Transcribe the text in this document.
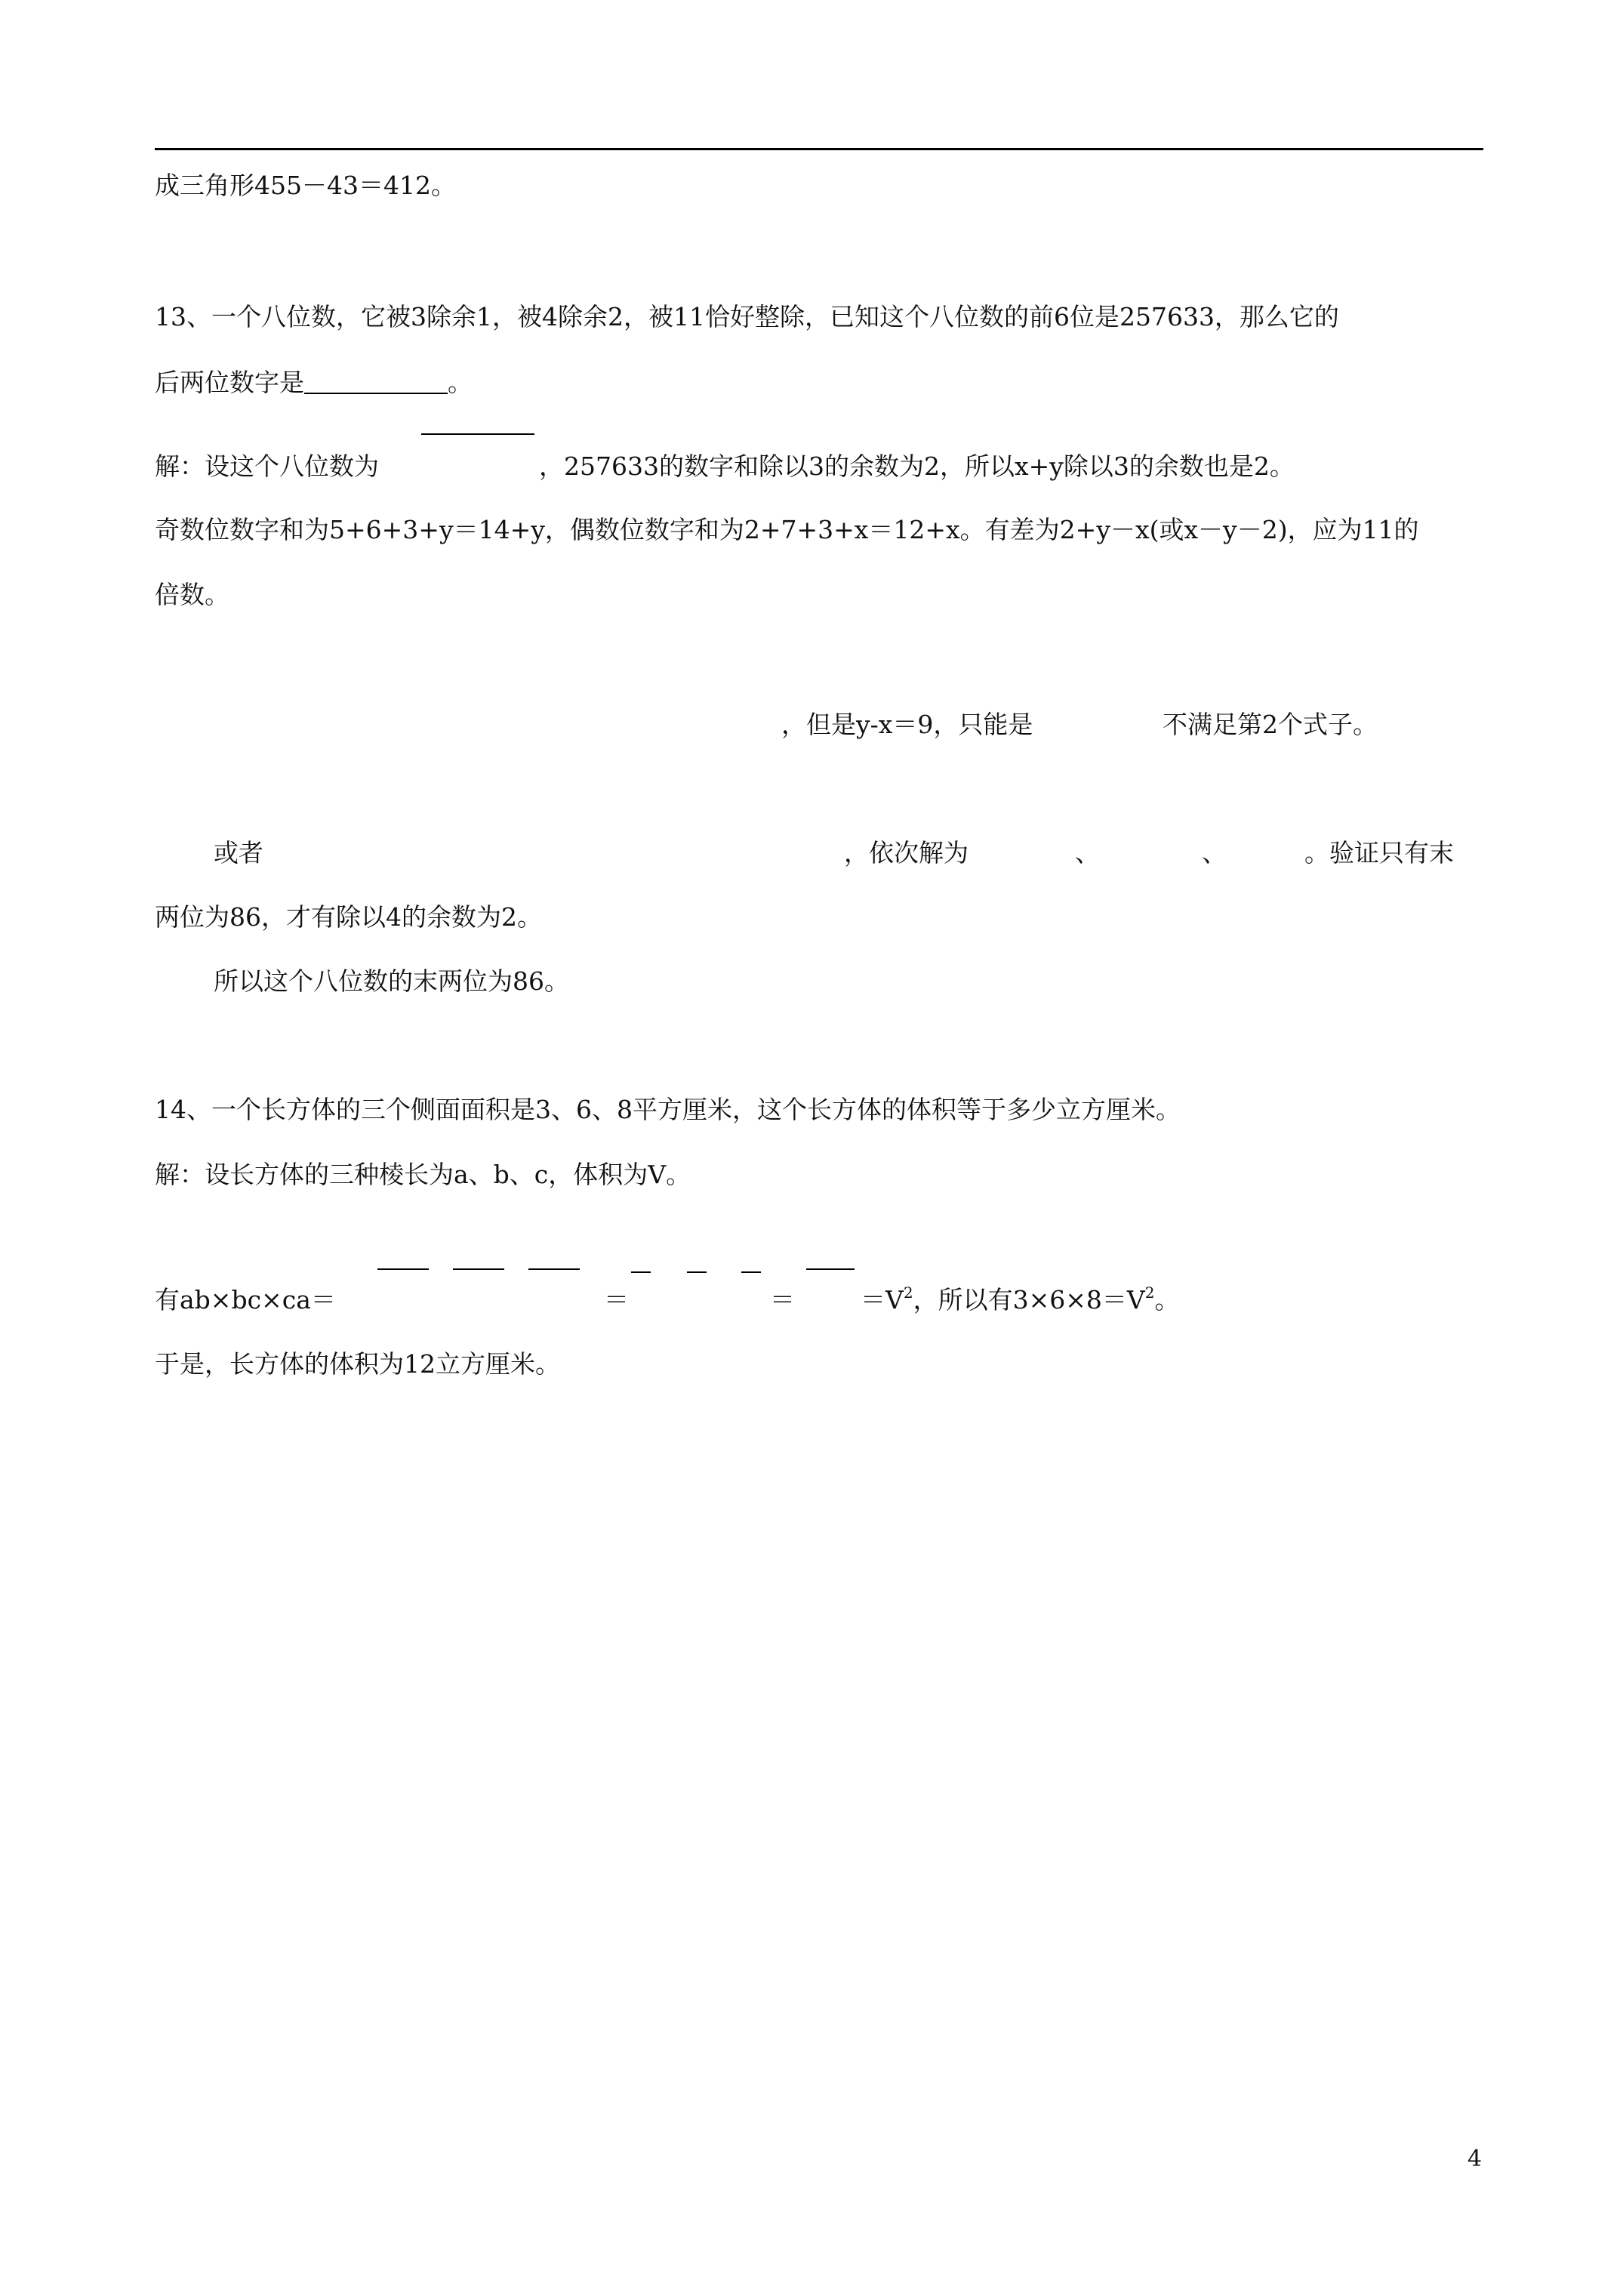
成三角形455－43＝412。
13、一个八位数，它被3除余1，被4除余2，被11恰好整除，已知这个八位数的前6位是257633，那么它的
后两位数字是	。
解：设这个八位数为	，257633的数字和除以3的余数为2，所以x+y除以3的余数也是2。
奇数位数字和为5+6+3+y＝14+y，偶数位数字和为2+7+3+x＝12+x。有差为2+y－x(或x－y－2)，应为11的
倍数。
，但是y-x＝9，只能是	不满足第2个式子。
或者	，依次解为	、	、	。验证只有末
两位为86，才有除以4的余数为2。
所以这个八位数的末两位为86。
14、一个长方体的三个侧面面积是3、6、8平方厘米，这个长方体的体积等于多少立方厘米。
解：设长方体的三种棱长为a、b、c，体积为V。
有ab×bc×ca＝	＝	＝	$=V^2$，所以有$3\times 6\times 8=V^2$。
于是，长方体的体积为12立方厘米。
4
